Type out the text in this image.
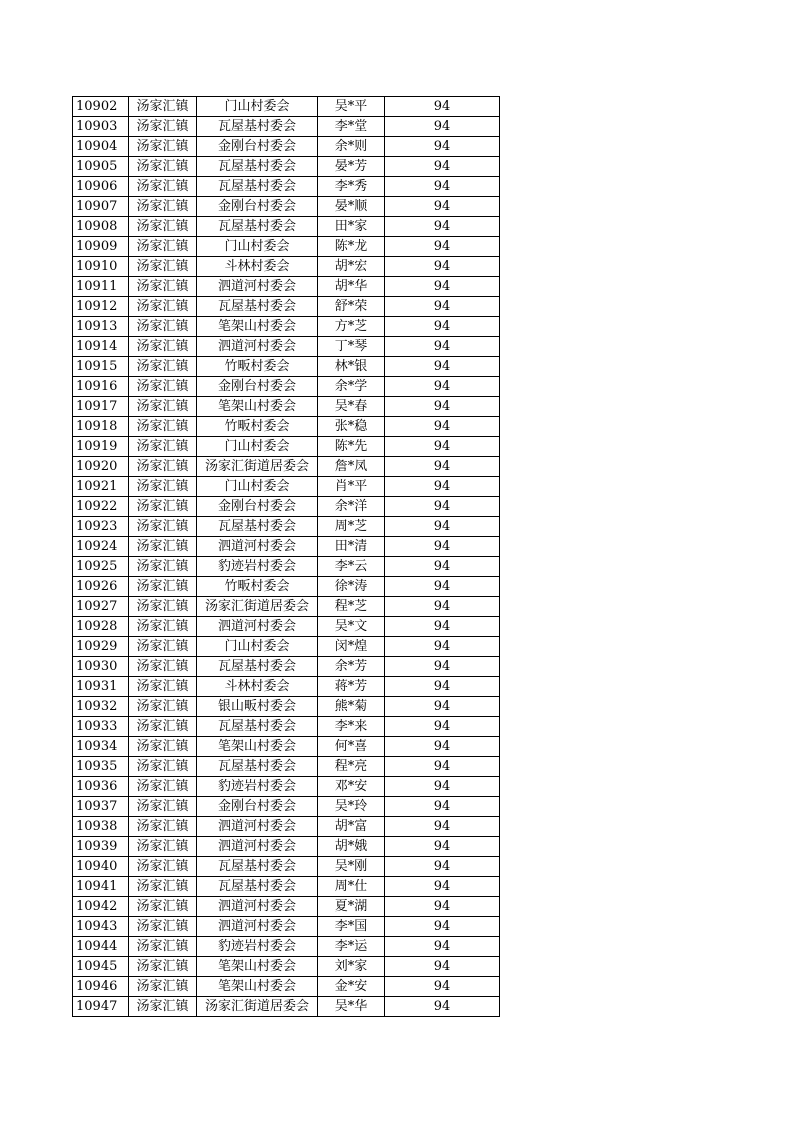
10902	汤家汇镇	门山村委会	吴*平	94
10903	汤家汇镇	瓦屋基村委会	李*堂	94
10904	汤家汇镇	金刚台村委会	余*则	94
10905	汤家汇镇	瓦屋基村委会	晏*芳	94
10906	汤家汇镇	瓦屋基村委会	李*秀	94
10907	汤家汇镇	金刚台村委会	晏*顺	94
10908	汤家汇镇	瓦屋基村委会	田*家	94
10909	汤家汇镇	门山村委会	陈*龙	94
10910	汤家汇镇	斗林村委会	胡*宏	94
10911	汤家汇镇	泗道河村委会	胡*华	94
10912	汤家汇镇	瓦屋基村委会	舒*荣	94
10913	汤家汇镇	笔架山村委会	方*芝	94
10914	汤家汇镇	泗道河村委会	丁*琴	94
10915	汤家汇镇	竹畈村委会	林*银	94
10916	汤家汇镇	金刚台村委会	余*学	94
10917	汤家汇镇	笔架山村委会	吴*春	94
10918	汤家汇镇	竹畈村委会	张*稳	94
10919	汤家汇镇	门山村委会	陈*先	94
10920	汤家汇镇	汤家汇街道居委会	詹*凤	94
10921	汤家汇镇	门山村委会	肖*平	94
10922	汤家汇镇	金刚台村委会	余*洋	94
10923	汤家汇镇	瓦屋基村委会	周*芝	94
10924	汤家汇镇	泗道河村委会	田*清	94
10925	汤家汇镇	豹迹岩村委会	李*云	94
10926	汤家汇镇	竹畈村委会	徐*涛	94
10927	汤家汇镇	汤家汇街道居委会	程*芝	94
10928	汤家汇镇	泗道河村委会	吴*文	94
10929	汤家汇镇	门山村委会	闵*煌	94
10930	汤家汇镇	瓦屋基村委会	余*芳	94
10931	汤家汇镇	斗林村委会	蒋*芳	94
10932	汤家汇镇	银山畈村委会	熊*菊	94
10933	汤家汇镇	瓦屋基村委会	李*来	94
10934	汤家汇镇	笔架山村委会	何*喜	94
10935	汤家汇镇	瓦屋基村委会	程*亮	94
10936	汤家汇镇	豹迹岩村委会	邓*安	94
10937	汤家汇镇	金刚台村委会	吴*玲	94
10938	汤家汇镇	泗道河村委会	胡*富	94
10939	汤家汇镇	泗道河村委会	胡*娥	94
10940	汤家汇镇	瓦屋基村委会	吴*刚	94
10941	汤家汇镇	瓦屋基村委会	周*仕	94
10942	汤家汇镇	泗道河村委会	夏*湖	94
10943	汤家汇镇	泗道河村委会	李*国	94
10944	汤家汇镇	豹迹岩村委会	李*运	94
10945	汤家汇镇	笔架山村委会	刘*家	94
10946	汤家汇镇	笔架山村委会	金*安	94
10947	汤家汇镇	汤家汇街道居委会	吴*华	94
